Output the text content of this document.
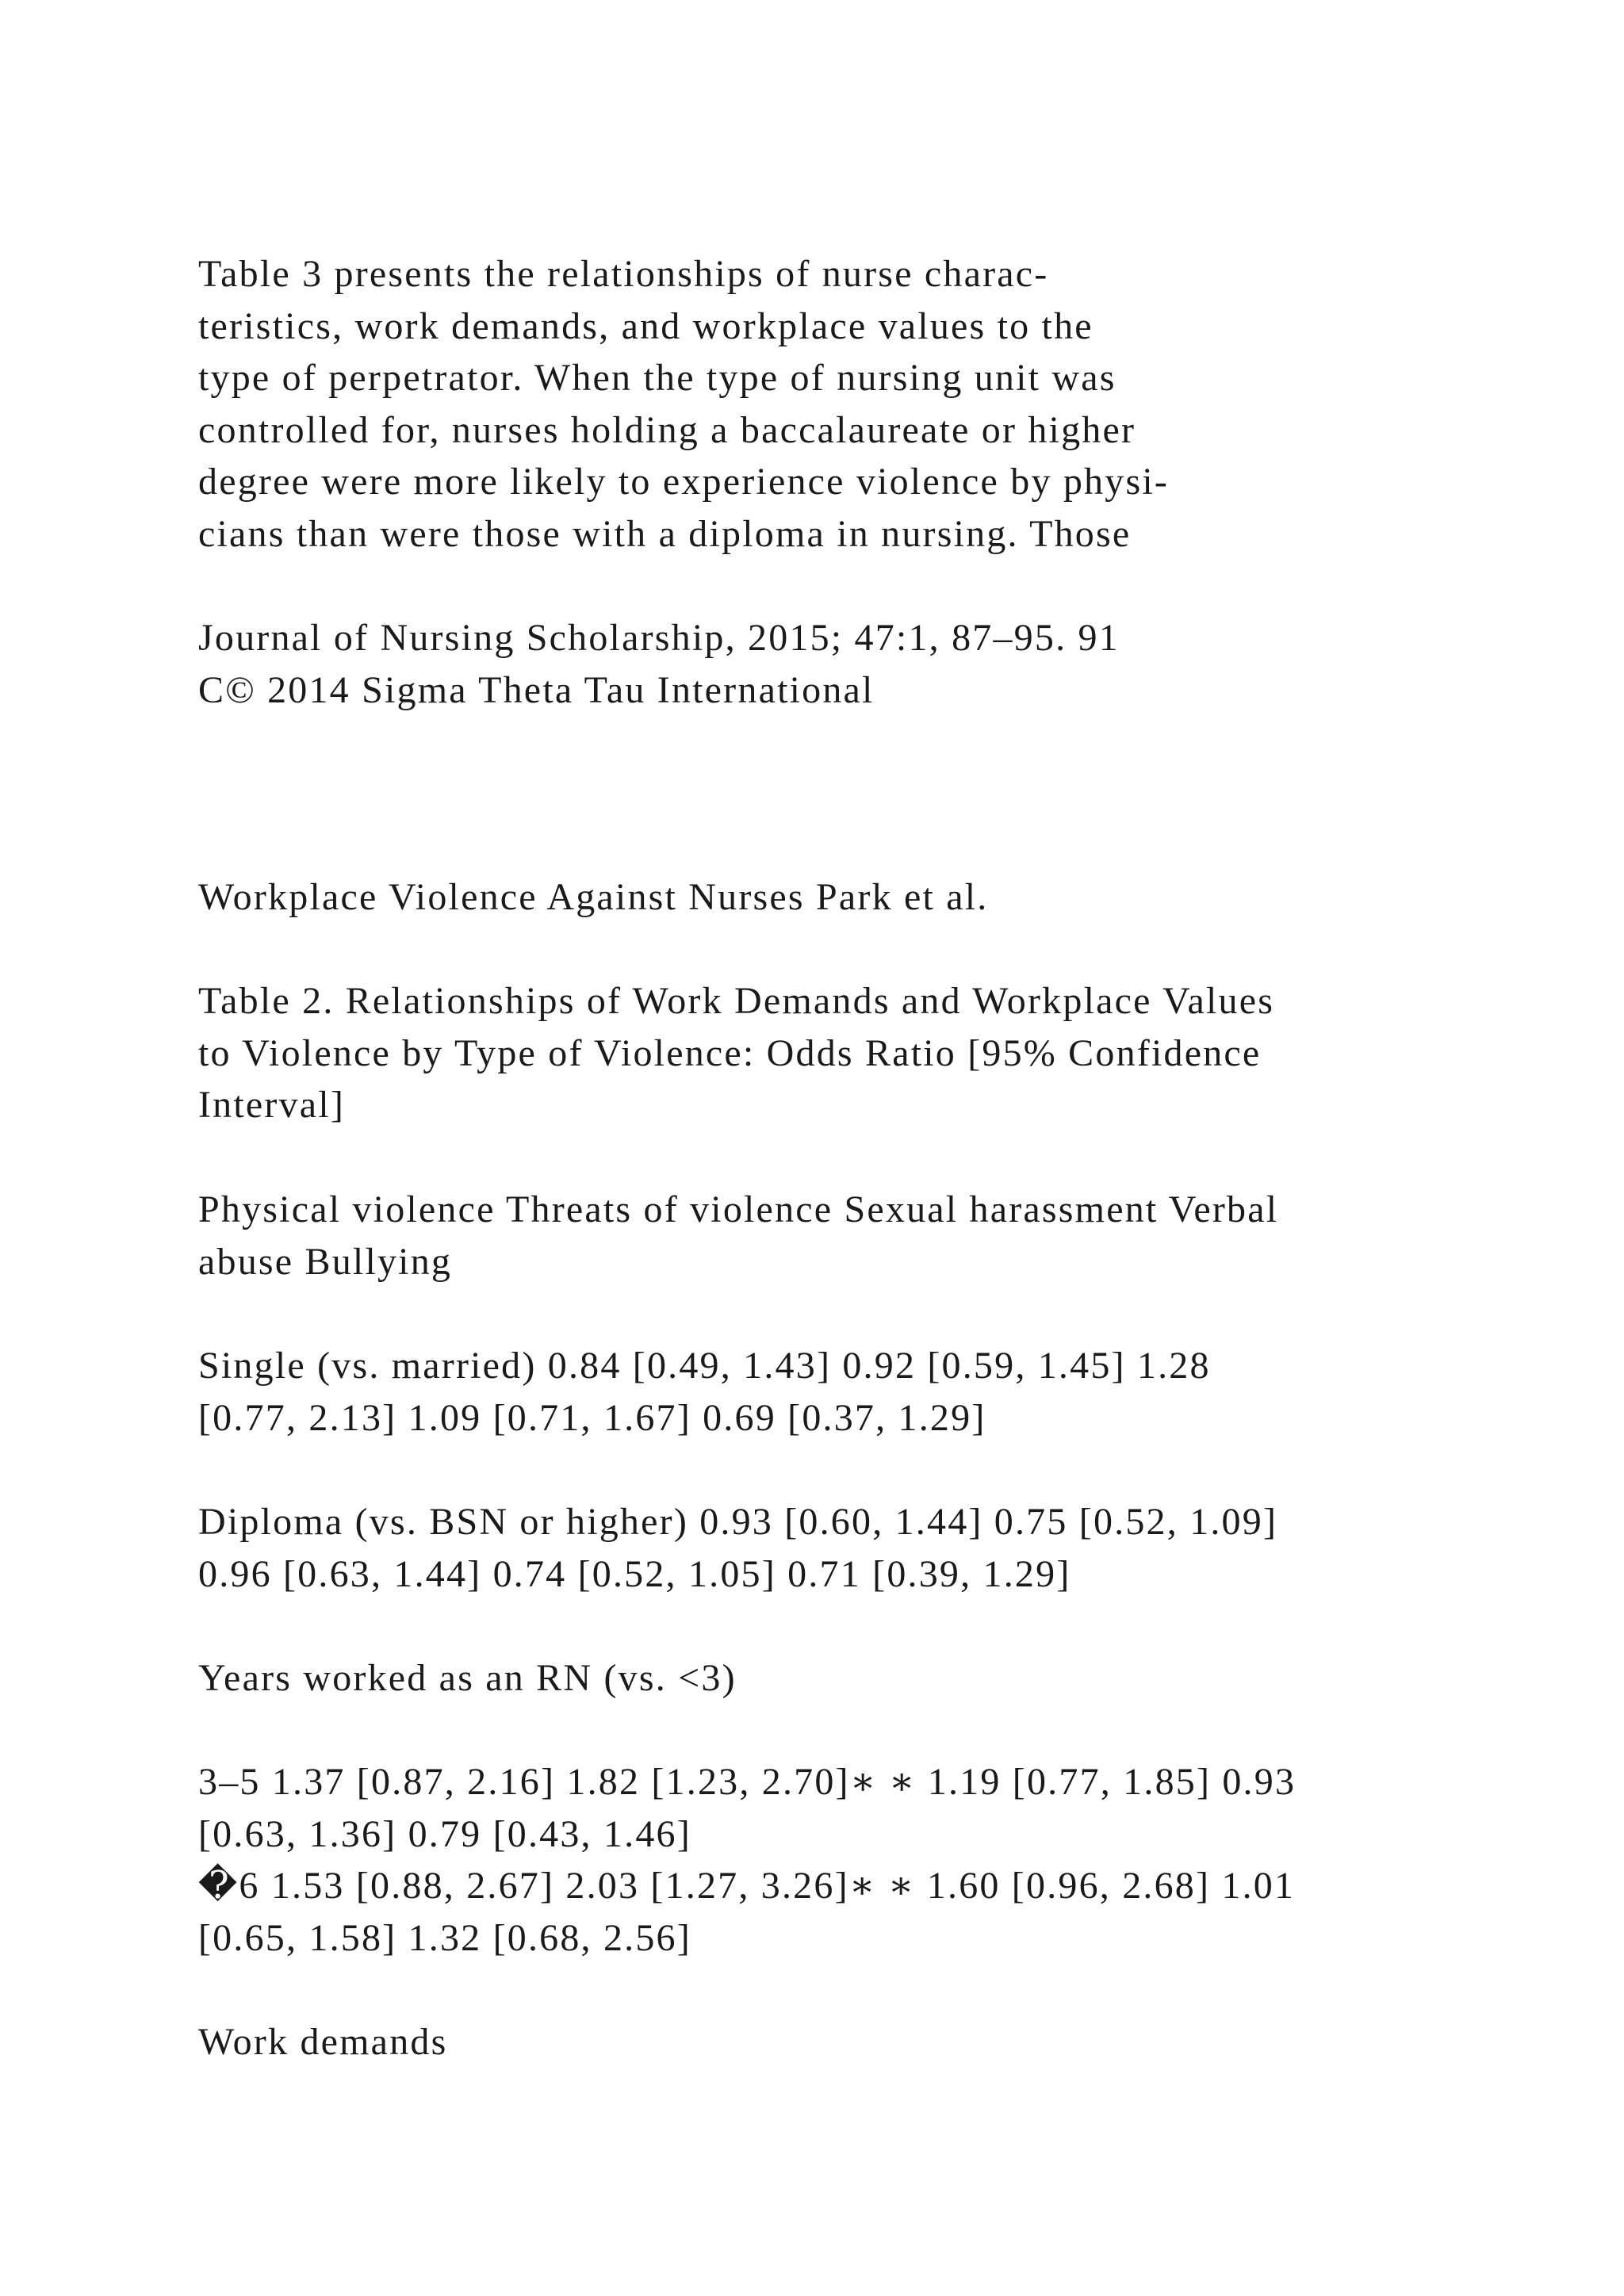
Table 3 presents the relationships of nurse charac-
teristics, work demands, and workplace values to the
type of perpetrator. When the type of nursing unit was
controlled for, nurses holding a baccalaureate or higher
degree were more likely to experience violence by physi-
cians than were those with a diploma in nursing. Those

Journal of Nursing Scholarship, 2015; 47:1, 87–95. 91
C© 2014 Sigma Theta Tau International

Workplace Violence Against Nurses Park et al.

Table 2. Relationships of Work Demands and Workplace Values
to Violence by Type of Violence: Odds Ratio [95% Confidence
Interval]

Physical violence Threats of violence Sexual harassment Verbal
abuse Bullying

Single (vs. married) 0.84 [0.49, 1.43] 0.92 [0.59, 1.45] 1.28
[0.77, 2.13] 1.09 [0.71, 1.67] 0.69 [0.37, 1.29]

Diploma (vs. BSN or higher) 0.93 [0.60, 1.44] 0.75 [0.52, 1.09]
0.96 [0.63, 1.44] 0.74 [0.52, 1.05] 0.71 [0.39, 1.29]

Years worked as an RN (vs. <3)

3–5 1.37 [0.87, 2.16] 1.82 [1.23, 2.70]∗ ∗ 1.19 [0.77, 1.85] 0.93
[0.63, 1.36] 0.79 [0.43, 1.46]
�6 1.53 [0.88, 2.67] 2.03 [1.27, 3.26]∗ ∗ 1.60 [0.96, 2.68] 1.01
[0.65, 1.58] 1.32 [0.68, 2.56]

Work demands
